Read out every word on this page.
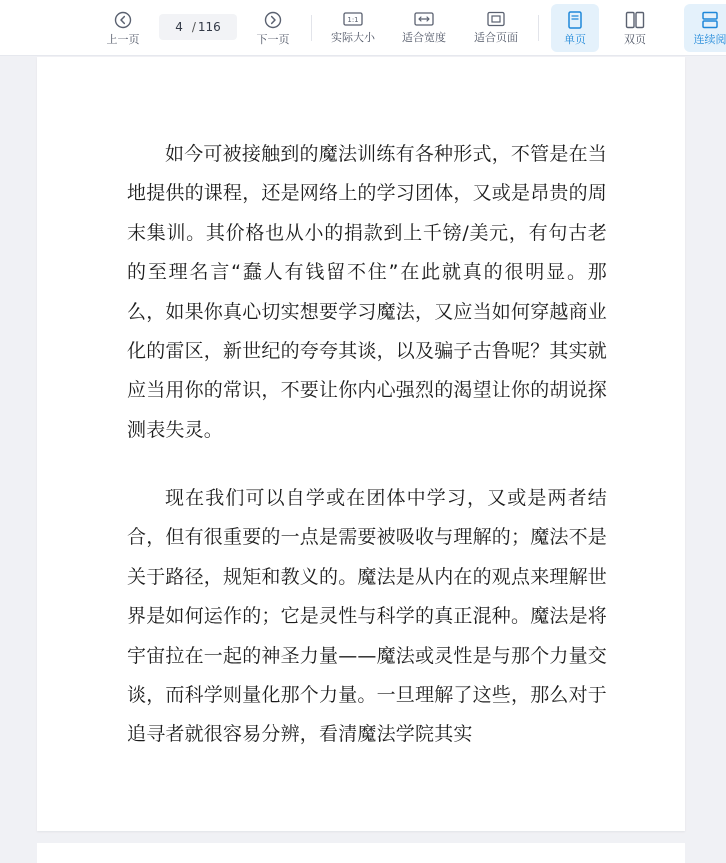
上一页
4 / 116
下一页
1:1
实际大小 适合宽度	适合页面	单页	双页	连续阅

如今可被接触到的魔法训练有各种形式，不管是在当地提供的课程，还是网络上的学习团体，又或是昂贵的周末集训。其价格也从小的捐款到上千镑/美元，有句古老的至理名言“蠢人有钱留不住”在此就真的很明显。那么，如果你真心切实想要学习魔法，又应当如何穿越商业化的雷区，新世纪的夸夸其谈，以及骗子古鲁呢？其实就应当用你的常识，不要让你内心强烈的渴望让你的胡说探测表失灵。

现在我们可以自学或在团体中学习，又或是两者结合，但有很重要的一点是需要被吸收与理解的；魔法不是关于路径，规矩和教义的。魔法是从内在的观点来理解世界是如何运作的；它是灵性与科学的真正混种。魔法是将宇宙拉在一起的神圣力量——魔法或灵性是与那个力量交谈，而科学则量化那个力量。一旦理解了这些，那么对于追寻者就很容易分辨，看清魔法学院其实
